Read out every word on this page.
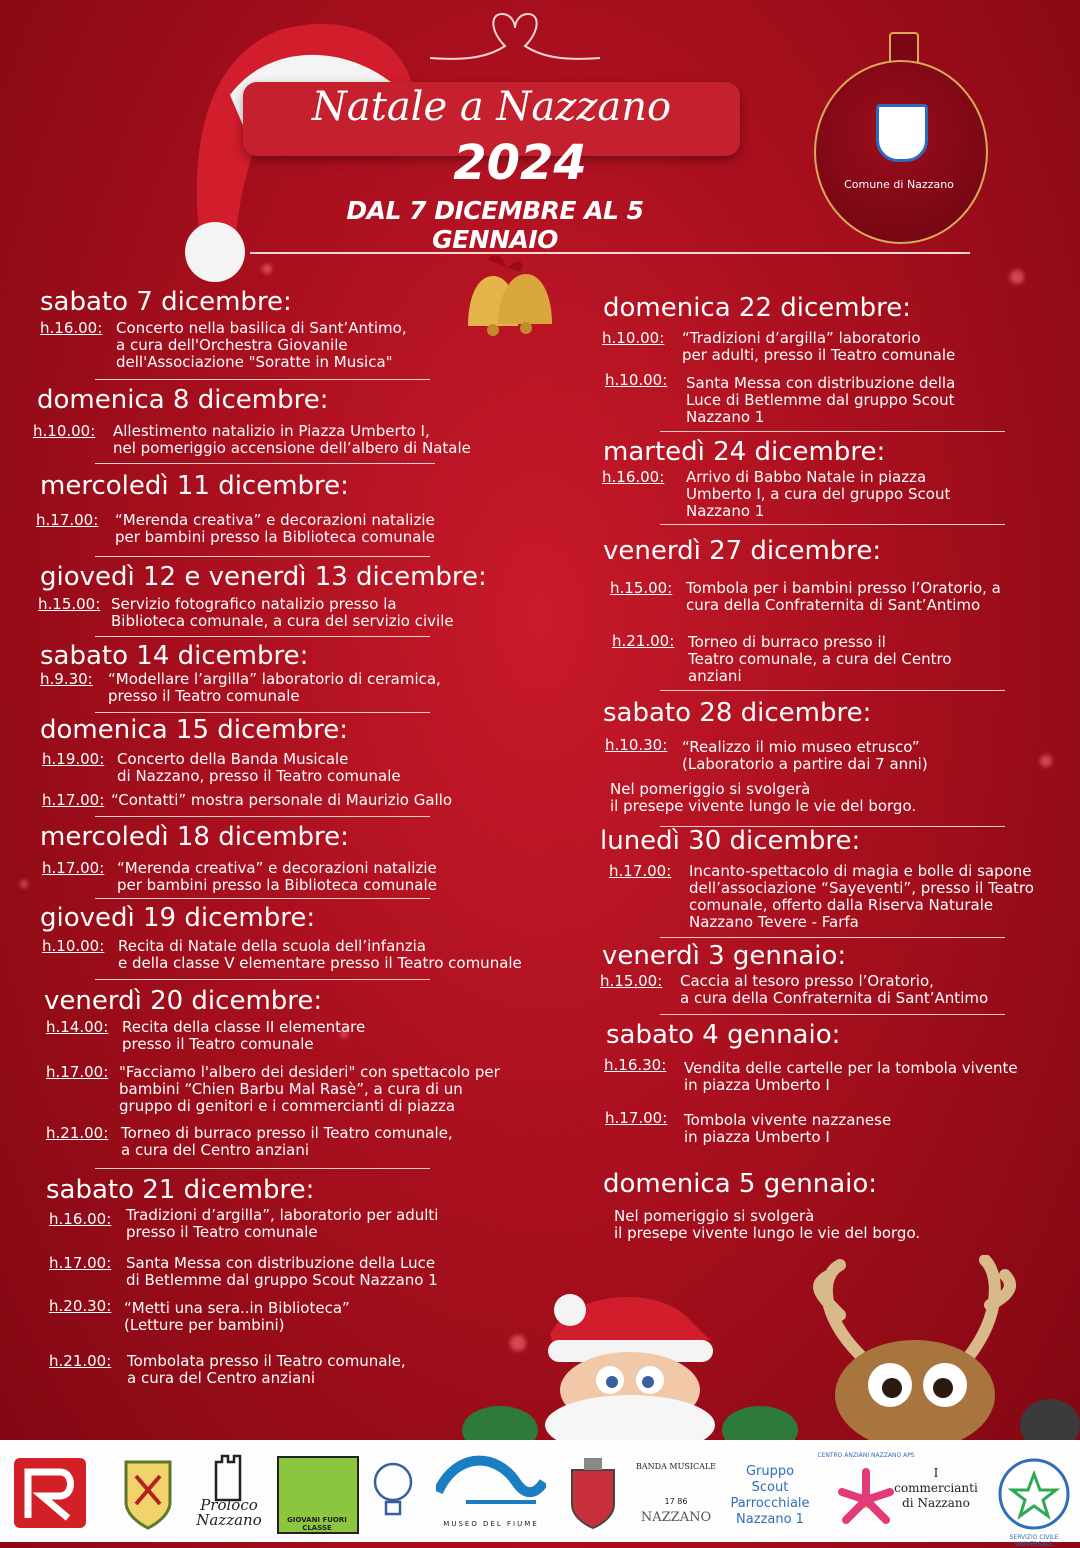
Natale a Nazzano
2024
DAL 7 DICEMBRE AL 5 GENNAIO
Comune di Nazzano
sabato 7 dicembre:
h.16.00: Concerto nella basilica di Sant’Antimo,
a cura dell'Orchestra Giovanile
dell'Associazione "Soratte in Musica"
domenica 8 dicembre:
h.10.00: Allestimento natalizio in Piazza Umberto I,
nel pomeriggio accensione dell’albero di Natale
mercoledì 11 dicembre:
h.17.00: “Merenda creativa” e decorazioni natalizie
per bambini presso la Biblioteca comunale
giovedì 12 e venerdì 13 dicembre:
h.15.00: Servizio fotografico natalizio presso la
Biblioteca comunale, a cura del servizio civile
sabato 14 dicembre:
h.9.30: “Modellare l’argilla” laboratorio di ceramica,
presso il Teatro comunale
domenica 15 dicembre:
h.19.00: Concerto della Banda Musicale
di Nazzano, presso il Teatro comunale
h.17.00: “Contatti” mostra personale di Maurizio Gallo
mercoledì 18 dicembre:
h.17.00: “Merenda creativa” e decorazioni natalizie
per bambini presso la Biblioteca comunale
giovedì 19 dicembre:
h.10.00: Recita di Natale della scuola dell’infanzia
e della classe V elementare presso il Teatro comunale
venerdì 20 dicembre:
h.14.00: Recita della classe II elementare
presso il Teatro comunale
h.17.00: "Facciamo l'albero dei desideri" con spettacolo per
bambini “Chien Barbu Mal Rasè”, a cura di un
gruppo di genitori e i commercianti di piazza
h.21.00: Torneo di burraco presso il Teatro comunale,
a cura del Centro anziani
sabato 21 dicembre:
h.16.00: Tradizioni d’argilla”, laboratorio per adulti
presso il Teatro comunale
h.17.00: Santa Messa con distribuzione della Luce
di Betlemme dal gruppo Scout Nazzano 1
h.20.30: “Metti una sera..in Biblioteca”
(Letture per bambini)
h.21.00: Tombolata presso il Teatro comunale,
a cura del Centro anziani
domenica 22 dicembre:
h.10.00: “Tradizioni d’argilla” laboratorio
per adulti, presso il Teatro comunale
h.10.00: Santa Messa con distribuzione della
Luce di Betlemme dal gruppo Scout
Nazzano 1
martedì 24 dicembre:
h.16.00: Arrivo di Babbo Natale in piazza
Umberto I, a cura del gruppo Scout
Nazzano 1
venerdì 27 dicembre:
h.15.00: Tombola per i bambini presso l’Oratorio, a
cura della Confraternita di Sant’Antimo
h.21.00: Torneo di burraco presso il
Teatro comunale, a cura del Centro
anziani
sabato 28 dicembre:
h.10.30: “Realizzo il mio museo etrusco”
(Laboratorio a partire dai 7 anni)
Nel pomeriggio si svolgerà
il presepe vivente lungo le vie del borgo.
lunedì 30 dicembre:
h.17.00: Incanto-spettacolo di magia e bolle di sapone
dell’associazione “Sayeventi”, presso il Teatro
comunale, offerto dalla Riserva Naturale
Nazzano Tevere - Farfa
venerdì 3 gennaio:
h.15.00: Caccia al tesoro presso l’Oratorio,
a cura della Confraternita di Sant’Antimo
sabato 4 gennaio:
h.16.30: Vendita delle cartelle per la tombola vivente
in piazza Umberto I
h.17.00: Tombola vivente nazzanese
in piazza Umberto I
domenica 5 gennaio:
Nel pomeriggio si svolgerà
il presepe vivente lungo le vie del borgo.
Proloco Nazzano	GIOVANI FUORI CLASSE	MUSEO DEL FIUME
BANDA MUSICALE
17 86
NAZZANO
Gruppo Scout Parrocchiale Nazzano 1
CENTRO ANZIANI NAZZANO APS
I commercianti di Nazzano
SERVIZIO CIVILE UNIVERSALE
